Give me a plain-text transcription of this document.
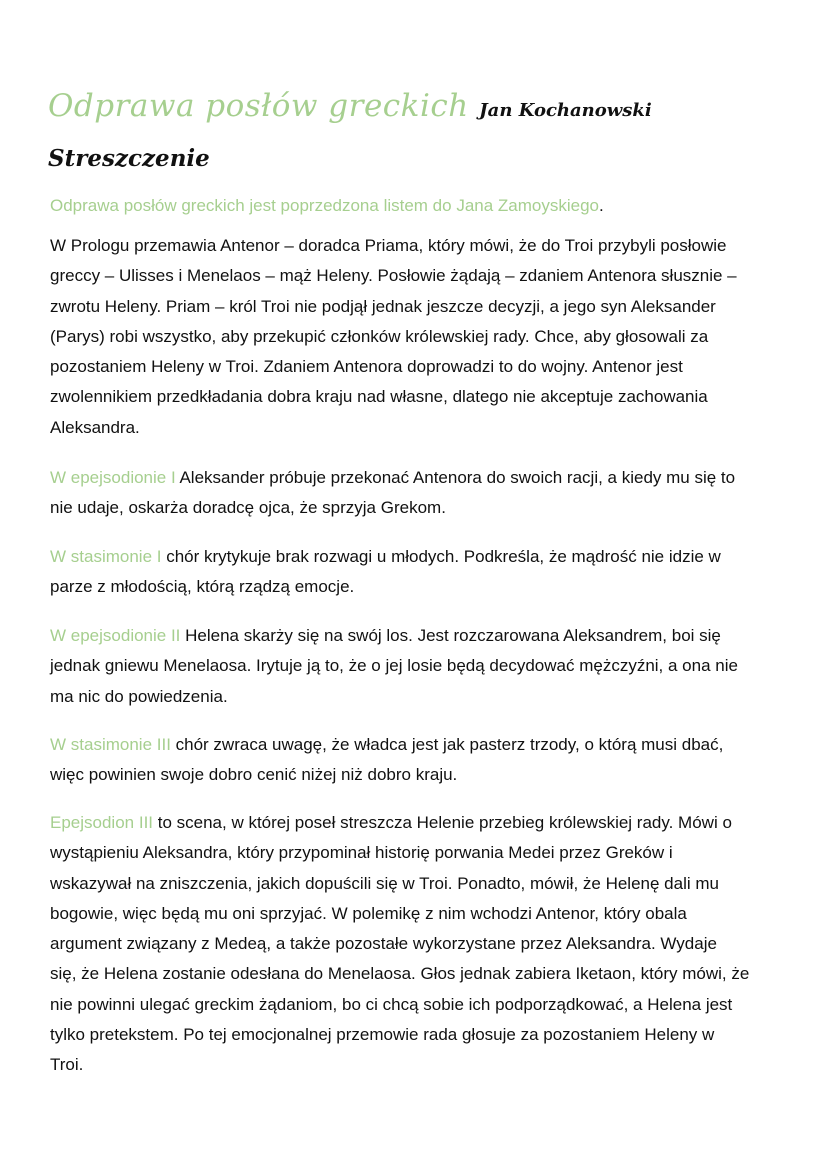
Odprawa posłów greckich Jan Kochanowski
Streszczenie
Odprawa posłów greckich jest poprzedzona listem do Jana Zamoyskiego.
W Prologu przemawia Antenor – doradca Priama, który mówi, że do Troi przybyli posłowie
greccy – Ulisses i Menelaos – mąż Heleny. Posłowie żądają – zdaniem Antenora słusznie –
zwrotu Heleny. Priam – król Troi nie podjął jednak jeszcze decyzji, a jego syn Aleksander
(Parys) robi wszystko, aby przekupić członków królewskiej rady. Chce, aby głosowali za
pozostaniem Heleny w Troi. Zdaniem Antenora doprowadzi to do wojny. Antenor jest
zwolennikiem przedkładania dobra kraju nad własne, dlatego nie akceptuje zachowania
Aleksandra.
W epejsodionie I Aleksander próbuje przekonać Antenora do swoich racji, a kiedy mu się to
nie udaje, oskarża doradcę ojca, że sprzyja Grekom.
W stasimonie I chór krytykuje brak rozwagi u młodych. Podkreśla, że mądrość nie idzie w
parze z młodością, którą rządzą emocje.
W epejsodionie II Helena skarży się na swój los. Jest rozczarowana Aleksandrem, boi się
jednak gniewu Menelaosa. Irytuje ją to, że o jej losie będą decydować mężczyźni, a ona nie
ma nic do powiedzenia.
W stasimonie III chór zwraca uwagę, że władca jest jak pasterz trzody, o którą musi dbać,
więc powinien swoje dobro cenić niżej niż dobro kraju.
Epejsodion III to scena, w której poseł streszcza Helenie przebieg królewskiej rady. Mówi o
wystąpieniu Aleksandra, który przypominał historię porwania Medei przez Greków i
wskazywał na zniszczenia, jakich dopuścili się w Troi. Ponadto, mówił, że Helenę dali mu
bogowie, więc będą mu oni sprzyjać. W polemikę z nim wchodzi Antenor, który obala
argument związany z Medeą, a także pozostałe wykorzystane przez Aleksandra. Wydaje
się, że Helena zostanie odesłana do Menelaosa. Głos jednak zabiera Iketaon, który mówi, że
nie powinni ulegać greckim żądaniom, bo ci chcą sobie ich podporządkować, a Helena jest
tylko pretekstem. Po tej emocjonalnej przemowie rada głosuje za pozostaniem Heleny w
Troi.
